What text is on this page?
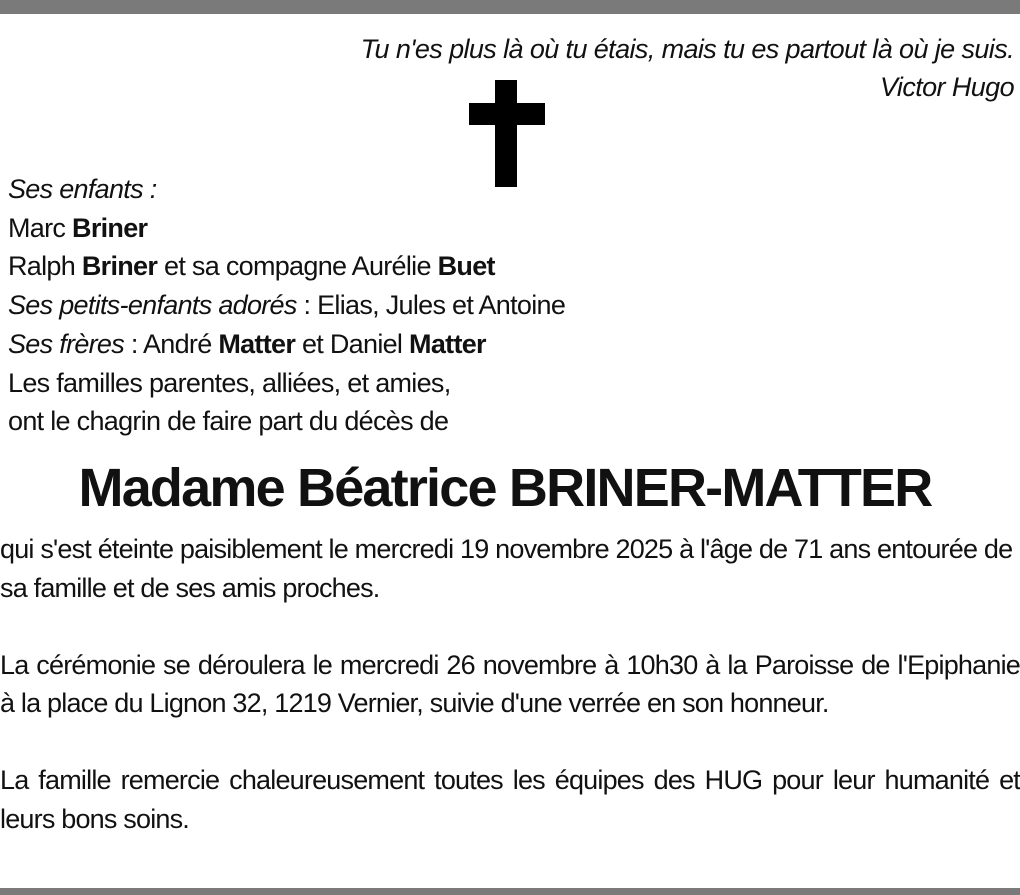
Tu n'es plus là où tu étais, mais tu es partout là où je suis.
Victor Hugo
Ses enfants :
Marc Briner
Ralph Briner et sa compagne Aurélie Buet
Ses petits-enfants adorés : Elias, Jules et Antoine
Ses frères : André Matter et Daniel Matter
Les familles parentes, alliées, et amies,
ont le chagrin de faire part du décès de
Madame Béatrice BRINER-MATTER

qui s'est éteinte paisiblement le mercredi 19 novembre 2025 à l'âge de 71 ans entourée de sa famille et de ses amis proches.

La cérémonie se déroulera le mercredi 26 novembre à 10h30 à la Paroisse de l'Epiphanie à la place du Lignon 32, 1219 Vernier, suivie d'une verrée en son honneur.

La famille remercie chaleureusement toutes les équipes des HUG pour leur humanité et leurs bons soins.
